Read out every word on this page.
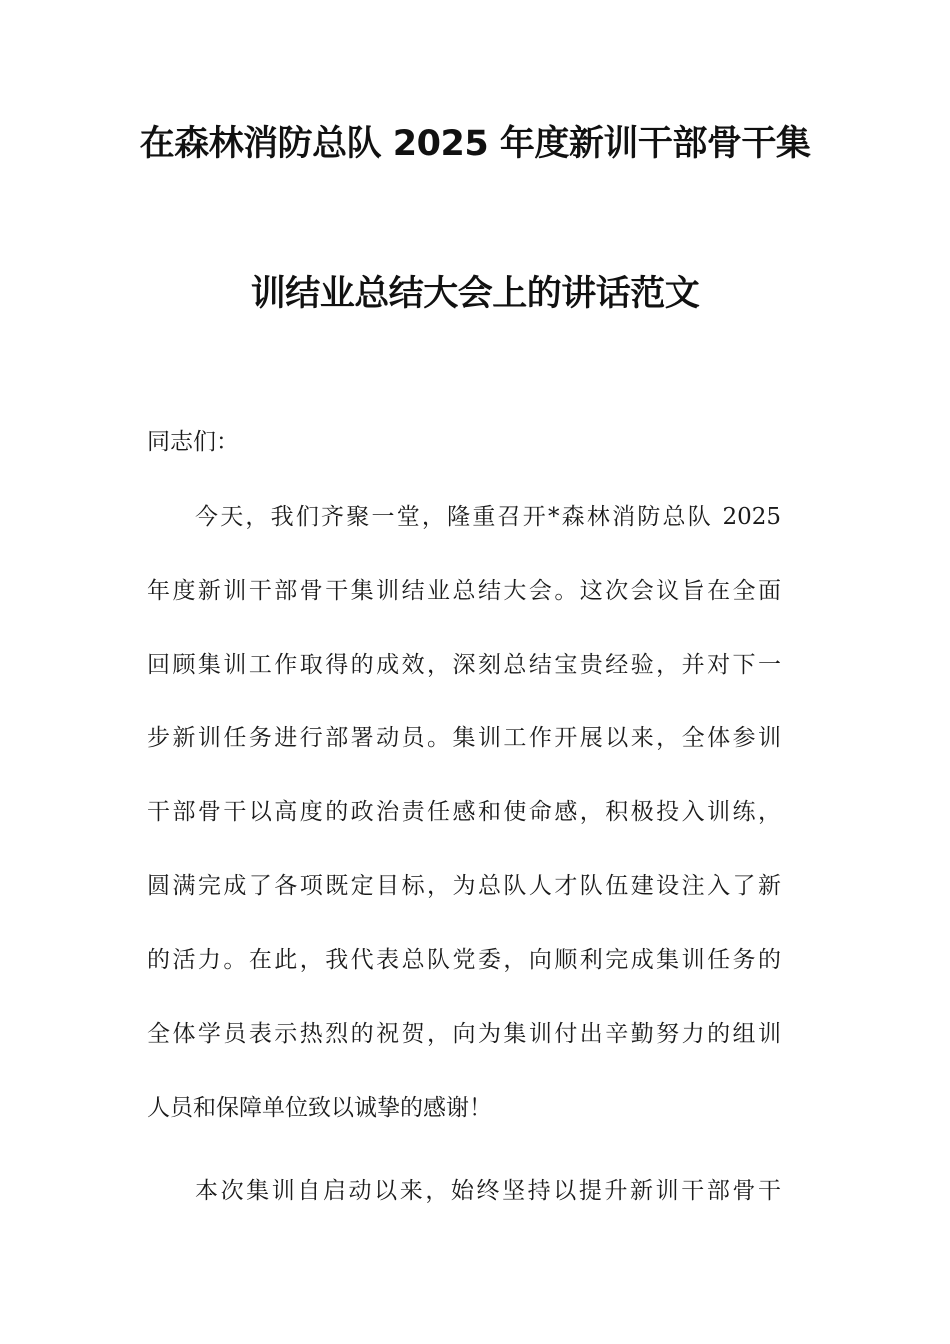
在森林消防总队 2025 年度新训干部骨干集
训结业总结大会上的讲话范文
同志们：
今天，我们齐聚一堂，隆重召开*森林消防总队 2025
年度新训干部骨干集训结业总结大会。这次会议旨在全面
回顾集训工作取得的成效，深刻总结宝贵经验，并对下一
步新训任务进行部署动员。集训工作开展以来，全体参训
干部骨干以高度的政治责任感和使命感，积极投入训练，
圆满完成了各项既定目标，为总队人才队伍建设注入了新
的活力。在此，我代表总队党委，向顺利完成集训任务的
全体学员表示热烈的祝贺，向为集训付出辛勤努力的组训
人员和保障单位致以诚挚的感谢！
本次集训自启动以来，始终坚持以提升新训干部骨干
